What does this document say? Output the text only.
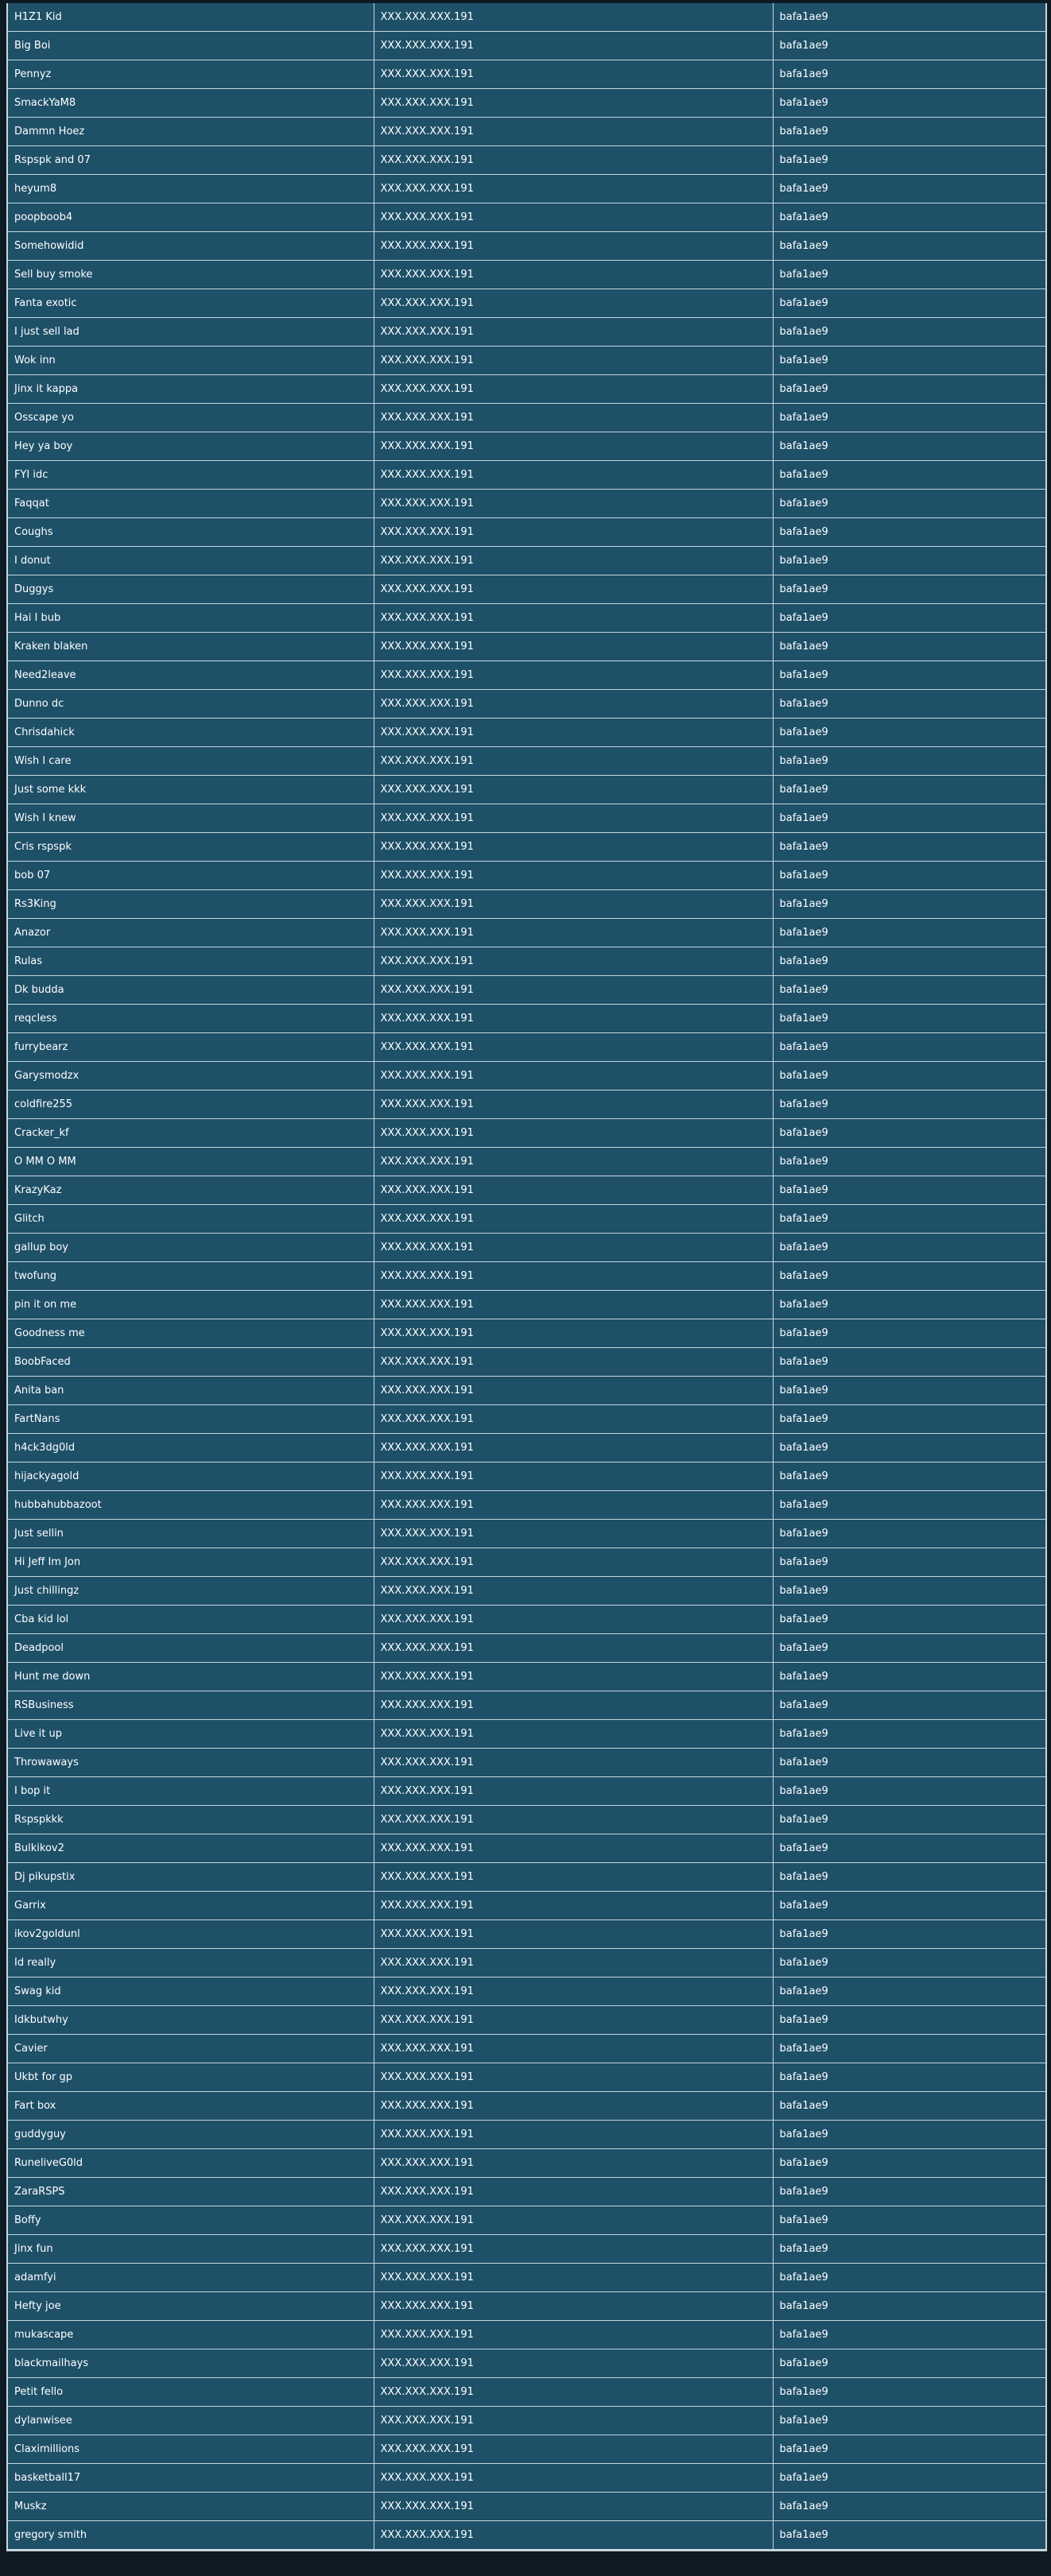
H1Z1 Kid	XXX.XXX.XXX.191	bafa1ae9
Big Boi	XXX.XXX.XXX.191	bafa1ae9
Pennyz	XXX.XXX.XXX.191	bafa1ae9
SmackYaM8	XXX.XXX.XXX.191	bafa1ae9
Dammn Hoez	XXX.XXX.XXX.191	bafa1ae9
Rspspk and 07	XXX.XXX.XXX.191	bafa1ae9
heyum8	XXX.XXX.XXX.191	bafa1ae9
poopboob4	XXX.XXX.XXX.191	bafa1ae9
Somehowidid	XXX.XXX.XXX.191	bafa1ae9
Sell buy smoke	XXX.XXX.XXX.191	bafa1ae9
Fanta exotic	XXX.XXX.XXX.191	bafa1ae9
I just sell lad	XXX.XXX.XXX.191	bafa1ae9
Wok inn	XXX.XXX.XXX.191	bafa1ae9
Jinx it kappa	XXX.XXX.XXX.191	bafa1ae9
Osscape yo	XXX.XXX.XXX.191	bafa1ae9
Hey ya boy	XXX.XXX.XXX.191	bafa1ae9
FYI idc	XXX.XXX.XXX.191	bafa1ae9
Faqqat	XXX.XXX.XXX.191	bafa1ae9
Coughs	XXX.XXX.XXX.191	bafa1ae9
I donut	XXX.XXX.XXX.191	bafa1ae9
Duggys	XXX.XXX.XXX.191	bafa1ae9
Hai I bub	XXX.XXX.XXX.191	bafa1ae9
Kraken blaken	XXX.XXX.XXX.191	bafa1ae9
Need2leave	XXX.XXX.XXX.191	bafa1ae9
Dunno dc	XXX.XXX.XXX.191	bafa1ae9
Chrisdahick	XXX.XXX.XXX.191	bafa1ae9
Wish I care	XXX.XXX.XXX.191	bafa1ae9
Just some kkk	XXX.XXX.XXX.191	bafa1ae9
Wish I knew	XXX.XXX.XXX.191	bafa1ae9
Cris rspspk	XXX.XXX.XXX.191	bafa1ae9
bob 07	XXX.XXX.XXX.191	bafa1ae9
Rs3King	XXX.XXX.XXX.191	bafa1ae9
Anazor	XXX.XXX.XXX.191	bafa1ae9
Rulas	XXX.XXX.XXX.191	bafa1ae9
Dk budda	XXX.XXX.XXX.191	bafa1ae9
reqcless	XXX.XXX.XXX.191	bafa1ae9
furrybearz	XXX.XXX.XXX.191	bafa1ae9
Garysmodzx	XXX.XXX.XXX.191	bafa1ae9
coldfire255	XXX.XXX.XXX.191	bafa1ae9
Cracker_kf	XXX.XXX.XXX.191	bafa1ae9
O MM O MM	XXX.XXX.XXX.191	bafa1ae9
KrazyKaz	XXX.XXX.XXX.191	bafa1ae9
Glitch	XXX.XXX.XXX.191	bafa1ae9
gallup boy	XXX.XXX.XXX.191	bafa1ae9
twofung	XXX.XXX.XXX.191	bafa1ae9
pin it on me	XXX.XXX.XXX.191	bafa1ae9
Goodness me	XXX.XXX.XXX.191	bafa1ae9
BoobFaced	XXX.XXX.XXX.191	bafa1ae9
Anita ban	XXX.XXX.XXX.191	bafa1ae9
FartNans	XXX.XXX.XXX.191	bafa1ae9
h4ck3dg0ld	XXX.XXX.XXX.191	bafa1ae9
hijackyagold	XXX.XXX.XXX.191	bafa1ae9
hubbahubbazoot	XXX.XXX.XXX.191	bafa1ae9
Just sellin	XXX.XXX.XXX.191	bafa1ae9
Hi Jeff Im Jon	XXX.XXX.XXX.191	bafa1ae9
Just chillingz	XXX.XXX.XXX.191	bafa1ae9
Cba kid lol	XXX.XXX.XXX.191	bafa1ae9
Deadpool	XXX.XXX.XXX.191	bafa1ae9
Hunt me down	XXX.XXX.XXX.191	bafa1ae9
RSBusiness	XXX.XXX.XXX.191	bafa1ae9
Live it up	XXX.XXX.XXX.191	bafa1ae9
Throwaways	XXX.XXX.XXX.191	bafa1ae9
I bop it	XXX.XXX.XXX.191	bafa1ae9
Rspspkkk	XXX.XXX.XXX.191	bafa1ae9
Bulkikov2	XXX.XXX.XXX.191	bafa1ae9
Dj pikupstix	XXX.XXX.XXX.191	bafa1ae9
Garrix	XXX.XXX.XXX.191	bafa1ae9
ikov2goldunl	XXX.XXX.XXX.191	bafa1ae9
Id really	XXX.XXX.XXX.191	bafa1ae9
Swag kid	XXX.XXX.XXX.191	bafa1ae9
Idkbutwhy	XXX.XXX.XXX.191	bafa1ae9
Cavier	XXX.XXX.XXX.191	bafa1ae9
Ukbt for gp	XXX.XXX.XXX.191	bafa1ae9
Fart box	XXX.XXX.XXX.191	bafa1ae9
guddyguy	XXX.XXX.XXX.191	bafa1ae9
RuneliveG0ld	XXX.XXX.XXX.191	bafa1ae9
ZaraRSPS	XXX.XXX.XXX.191	bafa1ae9
Boffy	XXX.XXX.XXX.191	bafa1ae9
Jinx fun	XXX.XXX.XXX.191	bafa1ae9
adamfyi	XXX.XXX.XXX.191	bafa1ae9
Hefty joe	XXX.XXX.XXX.191	bafa1ae9
mukascape	XXX.XXX.XXX.191	bafa1ae9
blackmailhays	XXX.XXX.XXX.191	bafa1ae9
Petit fello	XXX.XXX.XXX.191	bafa1ae9
dylanwisee	XXX.XXX.XXX.191	bafa1ae9
Claximillions	XXX.XXX.XXX.191	bafa1ae9
basketball17	XXX.XXX.XXX.191	bafa1ae9
Muskz	XXX.XXX.XXX.191	bafa1ae9
gregory smith	XXX.XXX.XXX.191	bafa1ae9
